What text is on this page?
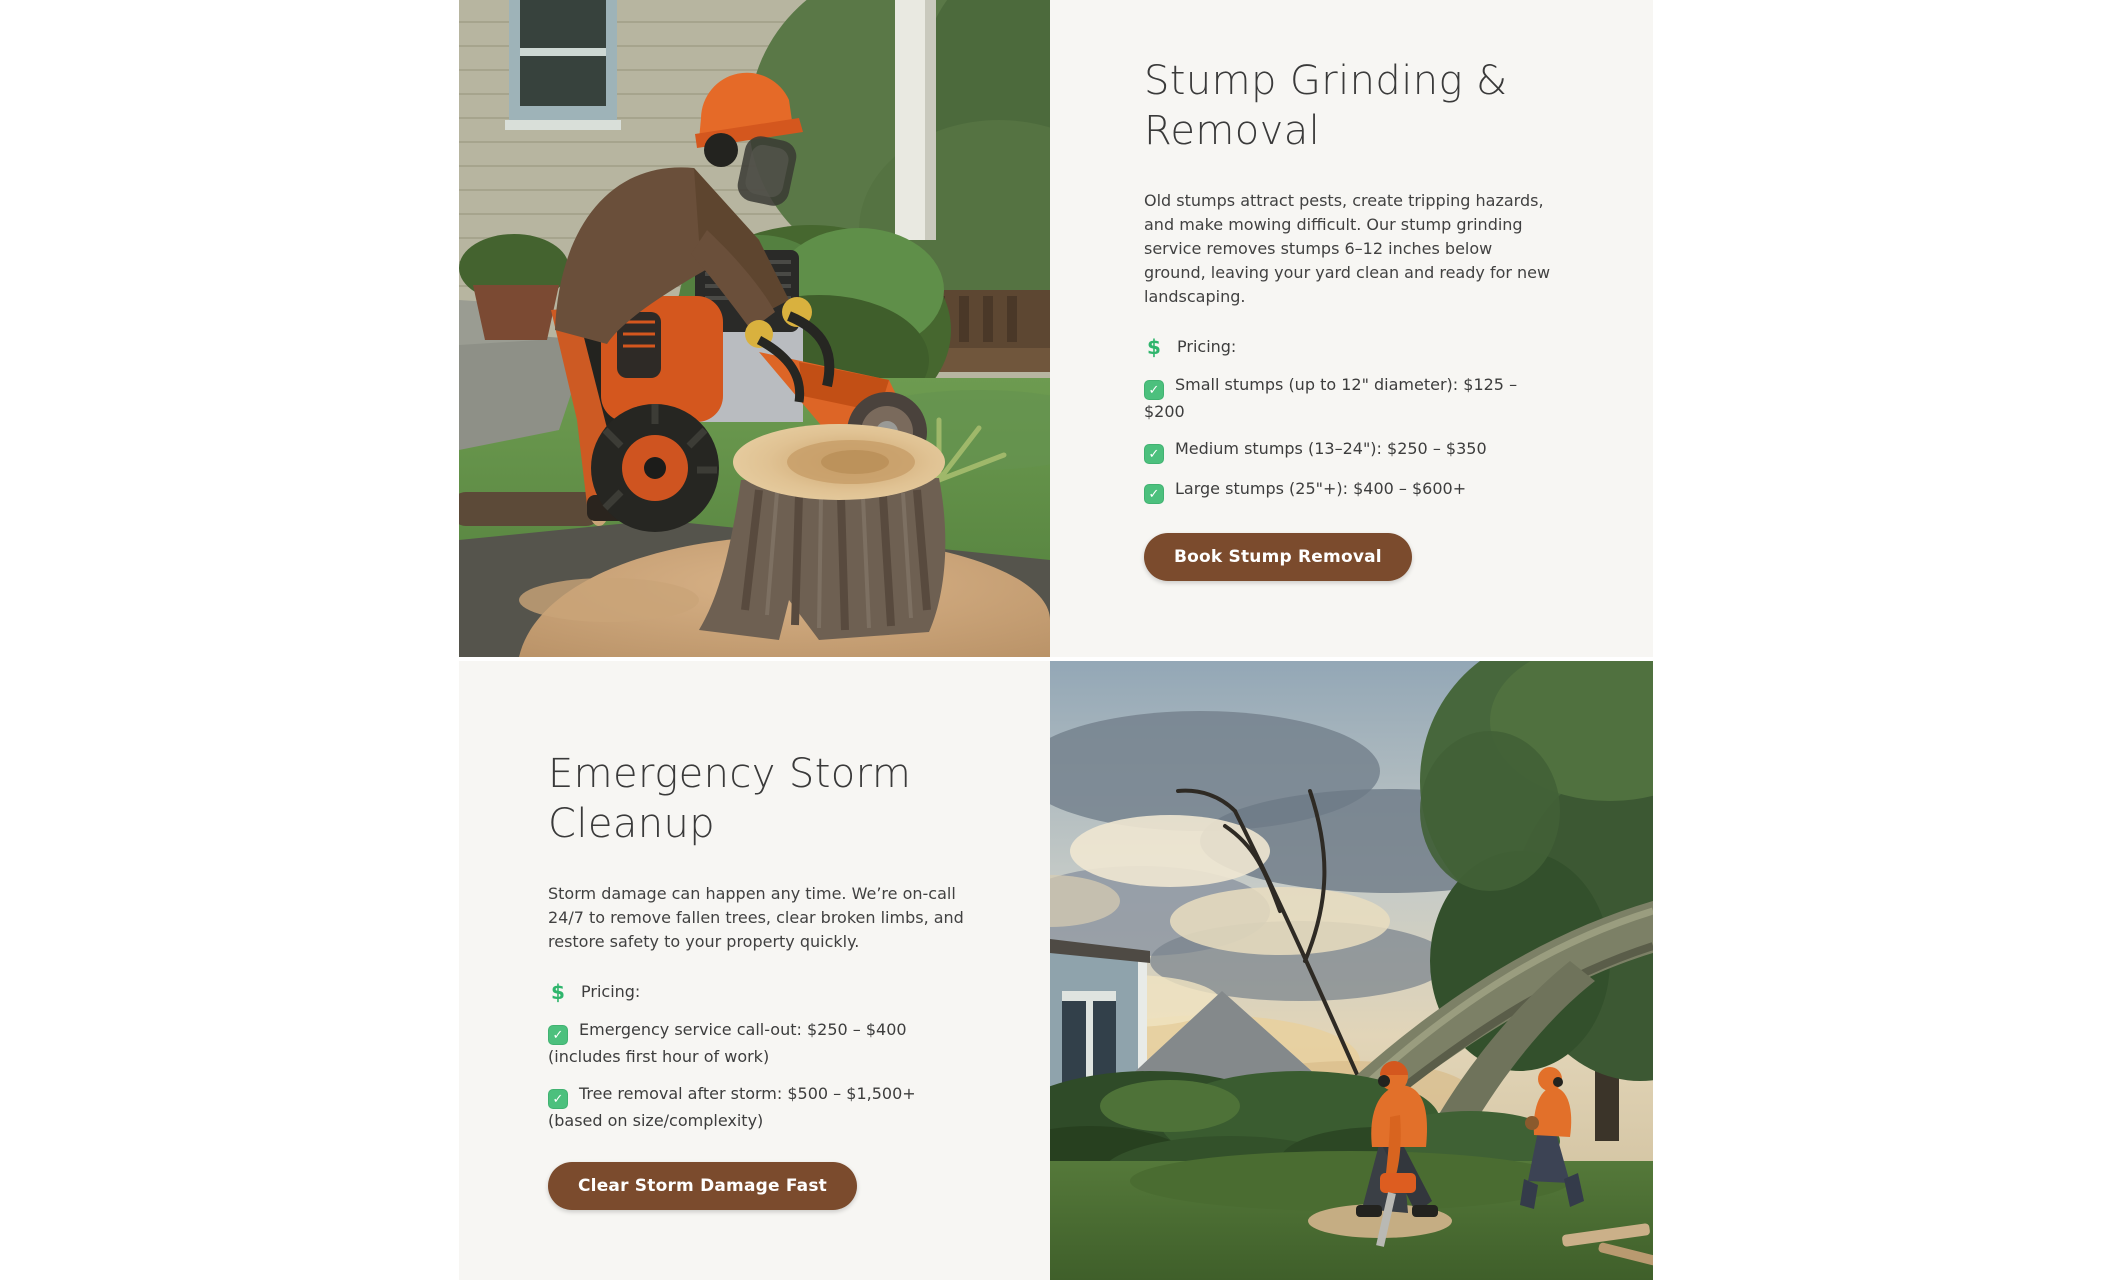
Stump Grinding & Removal

Old stumps attract pests, create tripping hazards, and make mowing difficult. Our stump grinding service removes stumps 6–12 inches below ground, leaving your yard clean and ready for new landscaping.

$ Pricing:
✓ Small stumps (up to 12" diameter): $125 – $200
✓ Medium stumps (13–24"): $250 – $350
✓ Large stumps (25"+): $400 – $600+
Book Stump Removal
Emergency Storm Cleanup

Storm damage can happen any time. We’re on-call 24/7 to remove fallen trees, clear broken limbs, and restore safety to your property quickly.

$ Pricing:
✓ Emergency service call-out: $250 – $400 (includes first hour of work)
✓ Tree removal after storm: $500 – $1,500+ (based on size/complexity)
Clear Storm Damage Fast
